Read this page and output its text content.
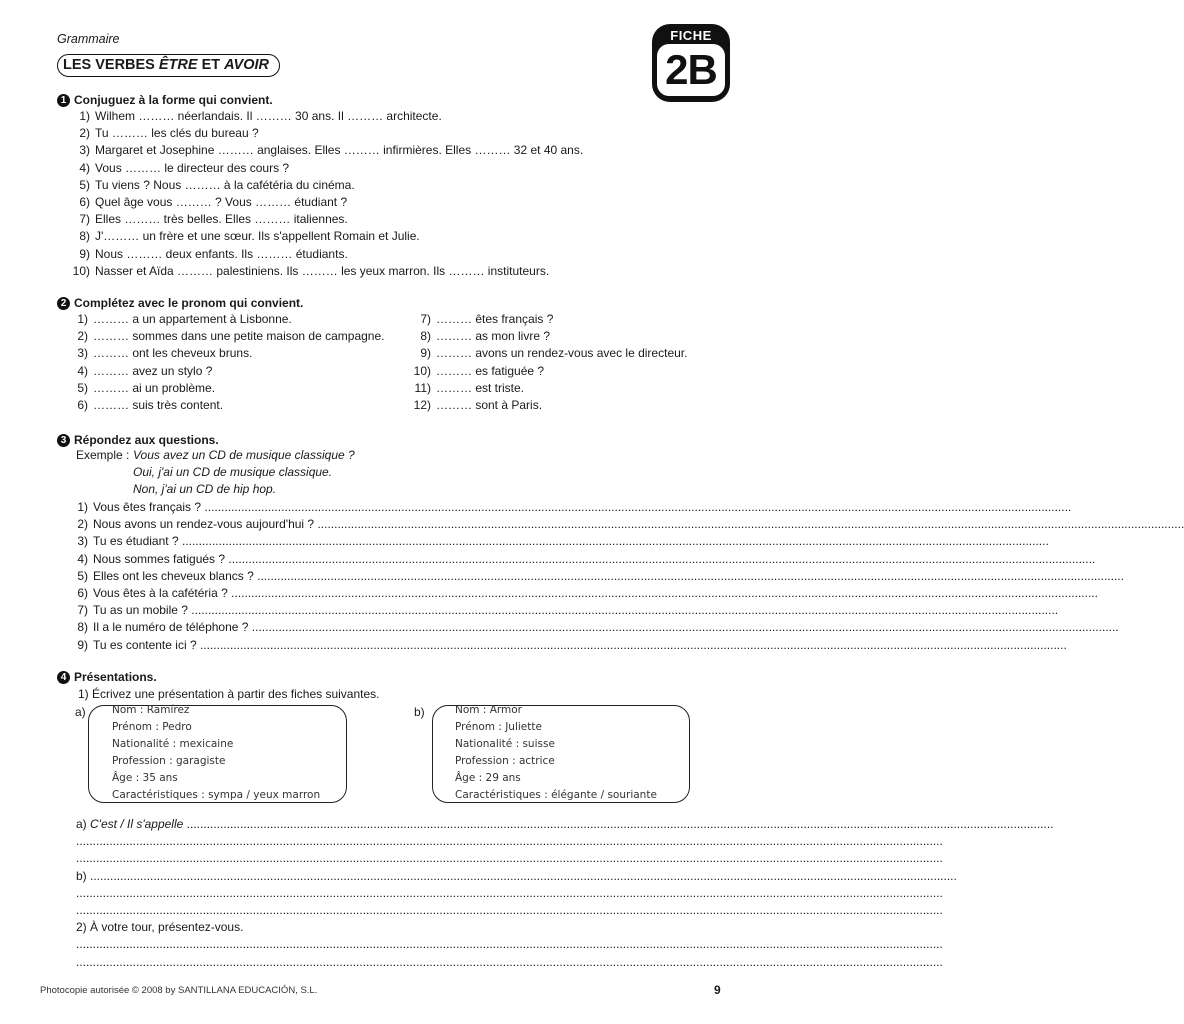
Grammaire
LES VERBES ÊTRE ET AVOIR
FICHE
2B
1 Conjuguez à la forme qui convient.
1) Wilhem ……… néerlandais. Il ……… 30 ans. Il ……… architecte.
2) Tu ……… les clés du bureau ?
3) Margaret et Josephine ……… anglaises. Elles ……… infirmières. Elles ……… 32 et 40 ans.
4) Vous ……… le directeur des cours ?
5) Tu viens ? Nous ……… à la cafétéria du cinéma.
6) Quel âge vous ……… ? Vous ……… étudiant ?
7) Elles ……… très belles. Elles ……… italiennes.
8) J'……… un frère et une sœur. Ils s'appellent Romain et Julie.
9) Nous ……… deux enfants. Ils ……… étudiants.
10) Nasser et Aïda ……… palestiniens. Ils ……… les yeux marron. Ils ……… instituteurs.
2 Complétez avec le pronom qui convient.
1) ……… a un appartement à Lisbonne.
2) ……… sommes dans une petite maison de campagne.
3) ……… ont les cheveux bruns.
4) ……… avez un stylo ?
5) ……… ai un problème.
6) ……… suis très content.
7) ……… êtes français ?
8) ……… as mon livre ?
9) ……… avons un rendez-vous avec le directeur.
10) ……… es fatiguée ?
11) ……… est triste.
12) ……… sont à Paris.
3 Répondez aux questions.
Exemple : Vous avez un CD de musique classique ?
Oui, j'ai un CD de musique classique.
Non, j'ai un CD de hip hop.
1) Vous êtes français ? ....................................................................................................................................................................................................................................................................
2) Nous avons un rendez-vous aujourd'hui ? ....................................................................................................................................................................................................................................................................
3) Tu es étudiant ? ....................................................................................................................................................................................................................................................................
4) Nous sommes fatigués ? ....................................................................................................................................................................................................................................................................
5) Elles ont les cheveux blancs ? ....................................................................................................................................................................................................................................................................
6) Vous êtes à la cafétéria ? ....................................................................................................................................................................................................................................................................
7) Tu as un mobile ? ....................................................................................................................................................................................................................................................................
8) Il a le numéro de téléphone ? ....................................................................................................................................................................................................................................................................
9) Tu es contente ici ? ....................................................................................................................................................................................................................................................................
4 Présentations.
1) Écrivez une présentation à partir des fiches suivantes.
a)	Nom : Ramírez
Prénom : Pedro
Nationalité : mexicaine
Profession : garagiste
Âge : 35 ans
Caractéristiques : sympa / yeux marron
b)	Nom : Armor
Prénom : Juliette
Nationalité : suisse
Profession : actrice
Âge : 29 ans
Caractéristiques : élégante / souriante
a) C'est / Il s'appelle ....................................................................................................................................................................................................................................................................
....................................................................................................................................................................................................................................................................
....................................................................................................................................................................................................................................................................
b) ....................................................................................................................................................................................................................................................................
....................................................................................................................................................................................................................................................................
....................................................................................................................................................................................................................................................................
2) À votre tour, présentez-vous.
....................................................................................................................................................................................................................................................................
....................................................................................................................................................................................................................................................................
Photocopie autorisée © 2008 by SANTILLANA EDUCACIÓN, S.L.	9
